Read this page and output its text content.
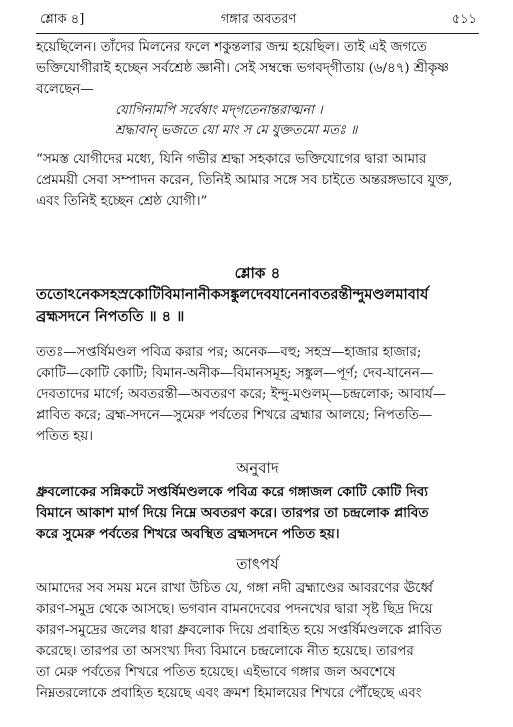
শ্লোক ৪]	গঙ্গার অবতরণ	৫১১
হয়েছিলেন। তাঁদের মিলনের ফলে শকুন্তলার জন্ম হয়েছিল। তাই এই জগতে
ভক্তিযোগীরাই হচ্ছেন সর্বশ্রেষ্ঠ জ্ঞানী। সেই সম্বন্ধে ভগবদ্‌গীতায় (৬/৪৭) শ্রীকৃষ্ণ
বলেছেন—
যোগিনামপি সর্বেষাং মদ্‌গতেনান্তরাত্মনা ।
শ্রদ্ধাবান্‌ ভজতে যো মাং স মে যুক্ততমো মতঃ ॥
“সমস্ত যোগীদের মধ্যে, যিনি গভীর শ্রদ্ধা সহকারে ভক্তিযোগের দ্বারা আমার
প্রেমময়ী সেবা সম্পাদন করেন, তিনিই আমার সঙ্গে সব চাইতে অন্তরঙ্গভাবে যুক্ত,
এবং তিনিই হচ্ছেন শ্রেষ্ঠ যোগী।”
শ্লোক ৪
ততোঽনেকসহস্রকোটিবিমানানীকসঙ্কুলদেবযানেনাবতরন্তীন্দুমণ্ডলমাবার্য
ব্রহ্মসদনে নিপততি ॥ ৪ ॥
ততঃ—সপ্তর্ষিমণ্ডল পবিত্র করার পর; অনেক—বহু; সহস্র—হাজার হাজার;
কোটি—কোটি কোটি; বিমান-অনীক—বিমানসমূহ; সঙ্কুল—পূর্ণ; দেব-যানেন—
দেবতাদের মার্গে; অবতরন্তী—অবতরণ করে; ইন্দু-মণ্ডলম্—চন্দ্রলোক; আবার্য—
প্লাবিত করে; ব্রহ্ম-সদনে—সুমেরু পর্বতের শিখরে ব্রহ্মার আলয়ে; নিপততি—
পতিত হয়।
অনুবাদ
ধ্রুবলোকের সন্নিকটে সপ্তর্ষিমণ্ডলকে পবিত্র করে গঙ্গাজল কোটি কোটি দিব্য
বিমানে আকাশ মার্গ দিয়ে নিম্নে অবতরণ করে। তারপর তা চন্দ্রলোক প্লাবিত
করে সুমেরু পর্বতের শিখরে অবস্থিত ব্রহ্মসদনে পতিত হয়।
তাৎপর্য
আমাদের সব সময় মনে রাখা উচিত যে, গঙ্গা নদী ব্রহ্মাণ্ডের আবরণের ঊর্ধ্বে
কারণ-সমুদ্র থেকে আসছে। ভগবান বামনদেবের পদনখের দ্বারা সৃষ্ট ছিদ্র দিয়ে
কারণ-সমুদ্রের জলের ধারা ধ্রুবলোক দিয়ে প্রবাহিত হয়ে সপ্তর্ষিমণ্ডলকে প্লাবিত
করেছে। তারপর তা অসংখ্য দিব্য বিমানে চন্দ্রলোকে নীত হয়েছে। তারপর
তা মেরু পর্বতের শিখরে পতিত হয়েছে। এইভাবে গঙ্গার জল অবশেষে
নিম্নতরলোকে প্রবাহিত হয়েছে এবং ক্রমশ হিমালয়ের শিখরে পৌঁছেছে এবং
